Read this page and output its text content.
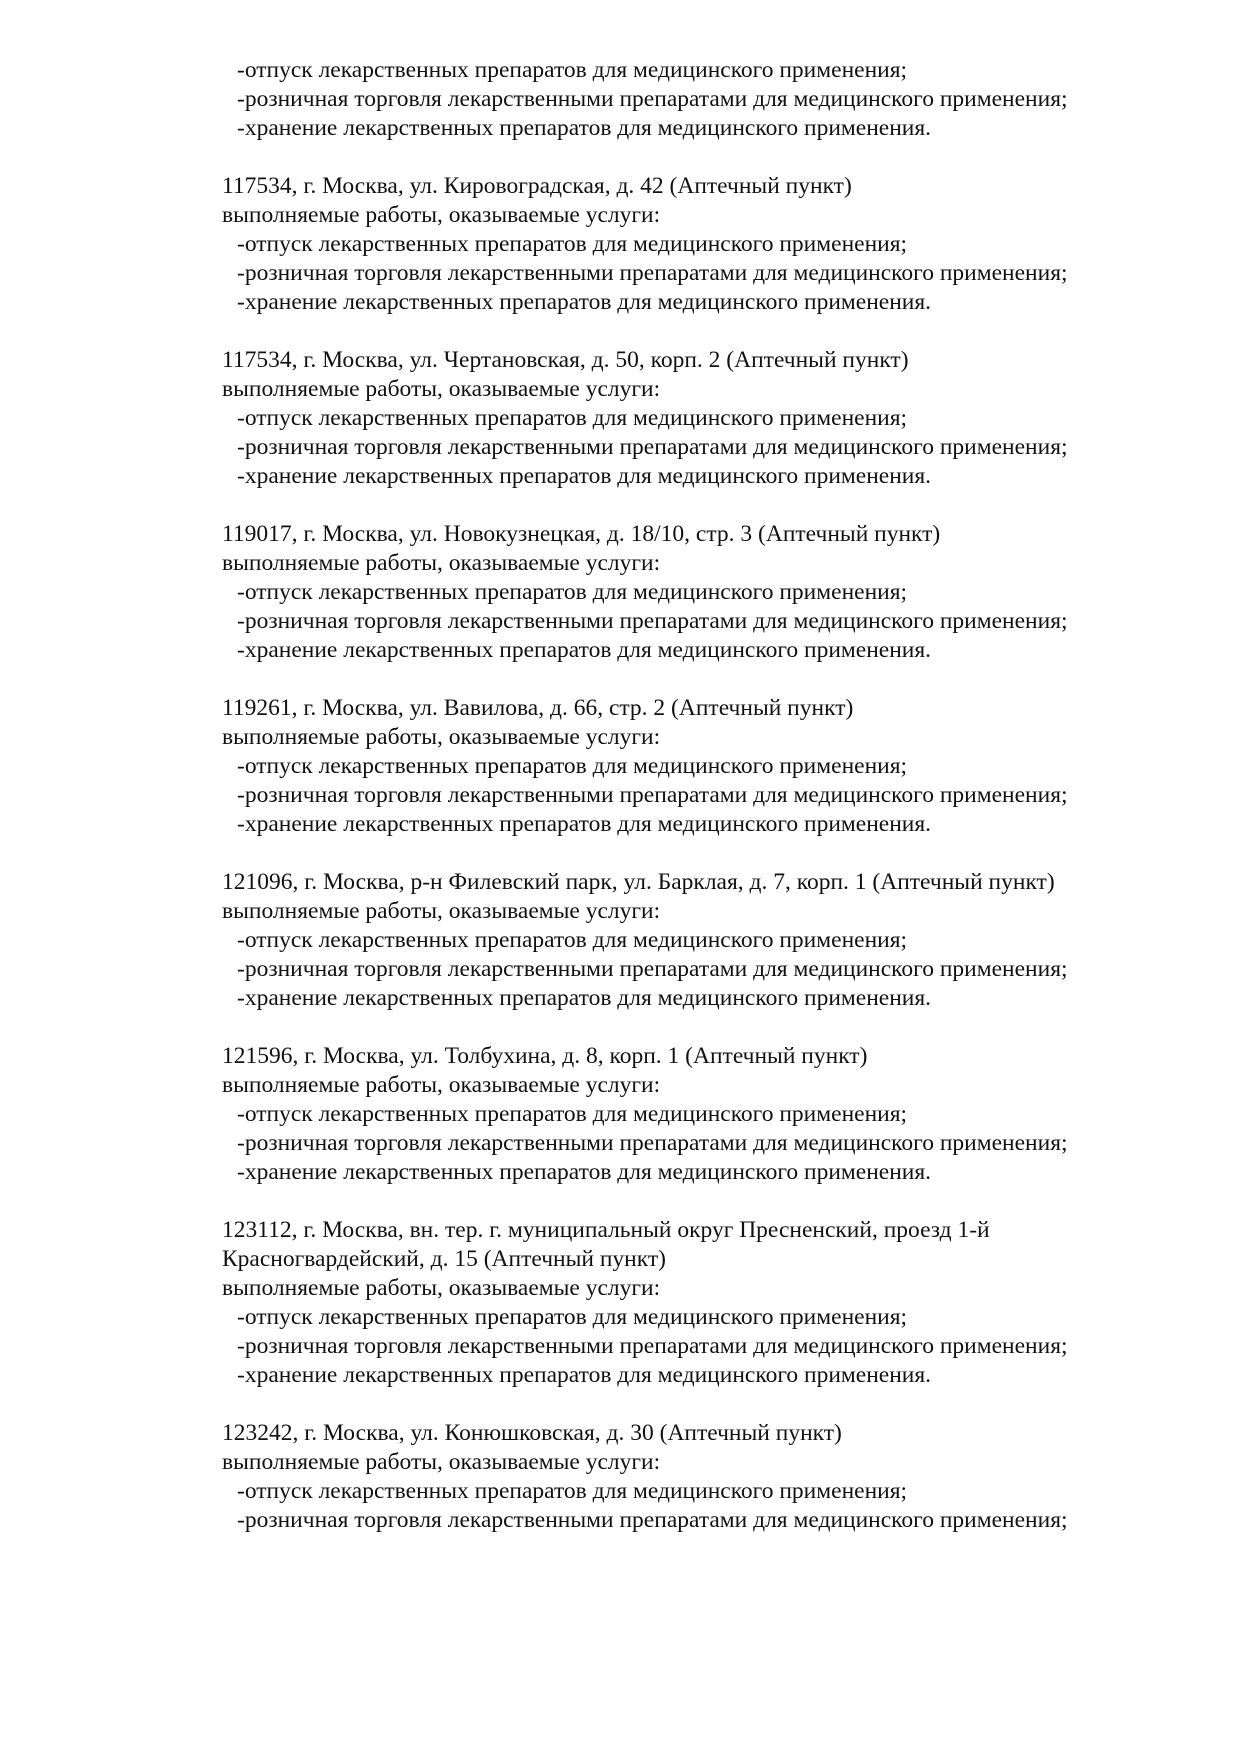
-отпуск лекарственных препаратов для медицинского применения;
-розничная торговля лекарственными препаратами для медицинского применения;
-хранение лекарственных препаратов для медицинского применения.
117534, г. Москва, ул. Кировоградская, д. 42 (Аптечный пункт)
выполняемые работы, оказываемые услуги:
-отпуск лекарственных препаратов для медицинского применения;
-розничная торговля лекарственными препаратами для медицинского применения;
-хранение лекарственных препаратов для медицинского применения.
117534, г. Москва, ул. Чертановская, д. 50, корп. 2 (Аптечный пункт)
выполняемые работы, оказываемые услуги:
-отпуск лекарственных препаратов для медицинского применения;
-розничная торговля лекарственными препаратами для медицинского применения;
-хранение лекарственных препаратов для медицинского применения.
119017, г. Москва, ул. Новокузнецкая, д. 18/10, стр. 3 (Аптечный пункт)
выполняемые работы, оказываемые услуги:
-отпуск лекарственных препаратов для медицинского применения;
-розничная торговля лекарственными препаратами для медицинского применения;
-хранение лекарственных препаратов для медицинского применения.
119261, г. Москва, ул. Вавилова, д. 66, стр. 2 (Аптечный пункт)
выполняемые работы, оказываемые услуги:
-отпуск лекарственных препаратов для медицинского применения;
-розничная торговля лекарственными препаратами для медицинского применения;
-хранение лекарственных препаратов для медицинского применения.
121096, г. Москва, р-н Филевский парк, ул. Барклая, д. 7, корп. 1 (Аптечный пункт)
выполняемые работы, оказываемые услуги:
-отпуск лекарственных препаратов для медицинского применения;
-розничная торговля лекарственными препаратами для медицинского применения;
-хранение лекарственных препаратов для медицинского применения.
121596, г. Москва, ул. Толбухина, д. 8, корп. 1 (Аптечный пункт)
выполняемые работы, оказываемые услуги:
-отпуск лекарственных препаратов для медицинского применения;
-розничная торговля лекарственными препаратами для медицинского применения;
-хранение лекарственных препаратов для медицинского применения.
123112, г. Москва, вн. тер. г. муниципальный округ Пресненский, проезд 1-й
Красногвардейский, д. 15 (Аптечный пункт)
выполняемые работы, оказываемые услуги:
-отпуск лекарственных препаратов для медицинского применения;
-розничная торговля лекарственными препаратами для медицинского применения;
-хранение лекарственных препаратов для медицинского применения.
123242, г. Москва, ул. Конюшковская, д. 30 (Аптечный пункт)
выполняемые работы, оказываемые услуги:
-отпуск лекарственных препаратов для медицинского применения;
-розничная торговля лекарственными препаратами для медицинского применения;
